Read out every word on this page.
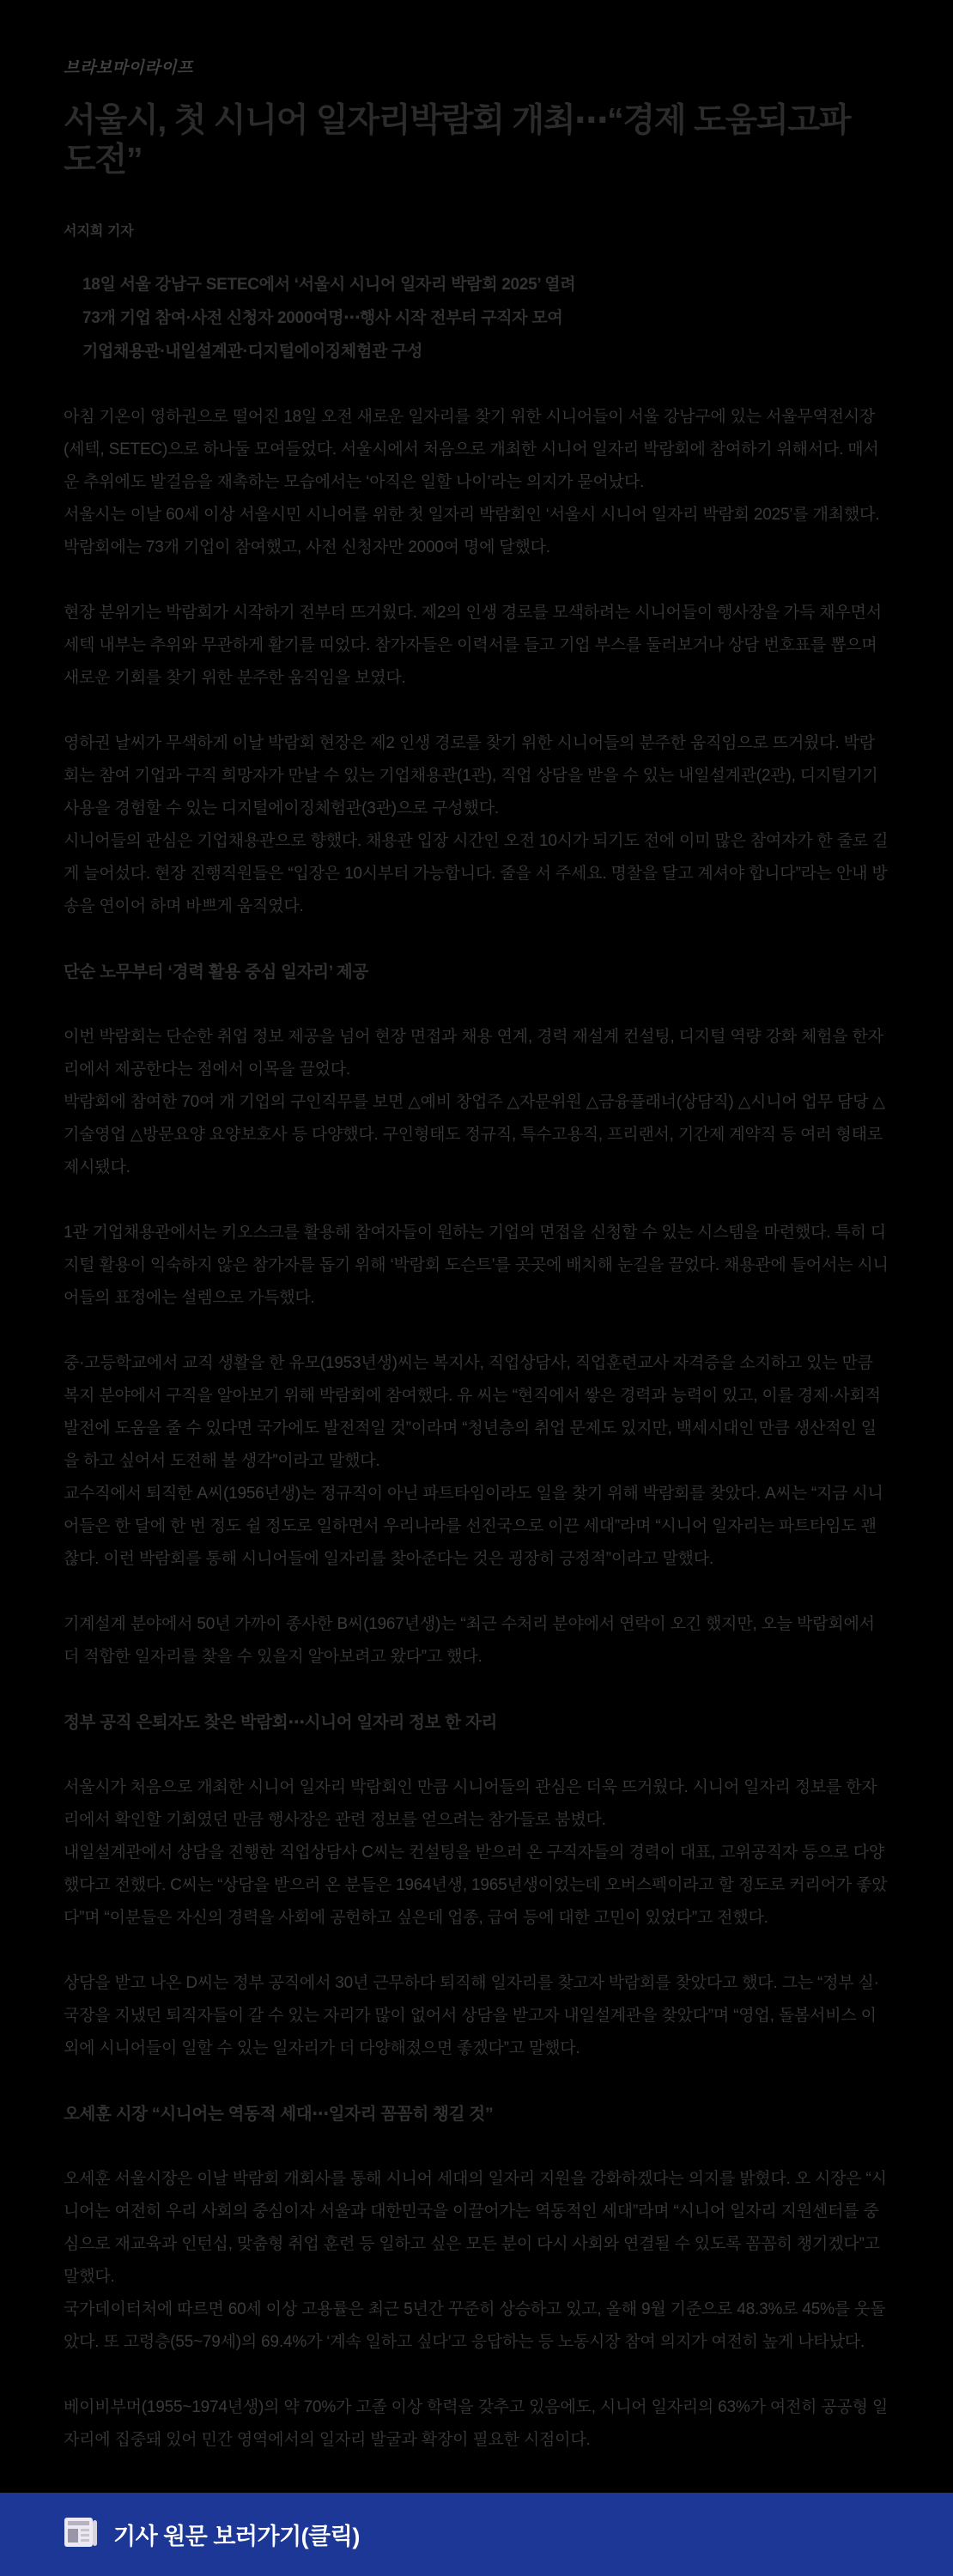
브라보마이라이프
서울시, 첫 시니어 일자리박람회 개최⋯“경제 도움되고파 도전”
서지희 기자
18일 서울 강남구 SETEC에서 ‘서울시 시니어 일자리 박람회 2025’ 열려
73개 기업 참여·사전 신청자 2000여명⋯행사 시작 전부터 구직자 모여
기업채용관·내일설계관·디지털에이징체험관 구성

아침 기온이 영하권으로 떨어진 18일 오전 새로운 일자리를 찾기 위한 시니어들이 서울 강남구에 있는 서울무역전시장(세텍, SETEC)으로 하나둘 모여들었다. 서울시에서 처음으로 개최한 시니어 일자리 박람회에 참여하기 위해서다. 매서운 추위에도 발걸음을 재촉하는 모습에서는 ‘아직은 일할 나이’라는 의지가 묻어났다.

서울시는 이날 60세 이상 서울시민 시니어를 위한 첫 일자리 박람회인 ‘서울시 시니어 일자리 박람회 2025’를 개최했다. 박람회에는 73개 기업이 참여했고, 사전 신청자만 2000여 명에 달했다.

현장 분위기는 박람회가 시작하기 전부터 뜨거웠다. 제2의 인생 경로를 모색하려는 시니어들이 행사장을 가득 채우면서 세텍 내부는 추위와 무관하게 활기를 띠었다. 참가자들은 이력서를 들고 기업 부스를 둘러보거나 상담 번호표를 뽑으며 새로운 기회를 찾기 위한 분주한 움직임을 보였다.

영하권 날씨가 무색하게 이날 박람회 현장은 제2 인생 경로를 찾기 위한 시니어들의 분주한 움직임으로 뜨거웠다. 박람회는 참여 기업과 구직 희망자가 만날 수 있는 기업채용관(1관), 직업 상담을 받을 수 있는 내일설계관(2관), 디지털기기 사용을 경험할 수 있는 디지털에이징체험관(3관)으로 구성했다.

시니어들의 관심은 기업채용관으로 향했다. 채용관 입장 시간인 오전 10시가 되기도 전에 이미 많은 참여자가 한 줄로 길게 늘어섰다. 현장 진행직원들은 “입장은 10시부터 가능합니다. 줄을 서 주세요. 명찰을 달고 계셔야 합니다”라는 안내 방송을 연이어 하며 바쁘게 움직였다.

단순 노무부터 ‘경력 활용 중심 일자리’ 제공

이번 박람회는 단순한 취업 정보 제공을 넘어 현장 면접과 채용 연계, 경력 재설계 컨설팅, 디지털 역량 강화 체험을 한자리에서 제공한다는 점에서 이목을 끌었다.

박람회에 참여한 70여 개 기업의 구인직무를 보면 △예비 창업주 △자문위원 △금융플래너(상담직) △시니어 업무 담당 △기술영업 △방문요양 요양보호사 등 다양했다. 구인형태도 정규직, 특수고용직, 프리랜서, 기간제 계약직 등 여러 형태로 제시됐다.

1관 기업채용관에서는 키오스크를 활용해 참여자들이 원하는 기업의 면접을 신청할 수 있는 시스템을 마련했다. 특히 디지털 활용이 익숙하지 않은 참가자를 돕기 위해 ‘박람회 도슨트’를 곳곳에 배치해 눈길을 끌었다. 채용관에 들어서는 시니어들의 표정에는 설렘으로 가득했다.

중·고등학교에서 교직 생활을 한 유모(1953년생)씨는 복지사, 직업상담사, 직업훈련교사 자격증을 소지하고 있는 만큼 복지 분야에서 구직을 알아보기 위해 박람회에 참여했다. 유 씨는 “현직에서 쌓은 경력과 능력이 있고, 이를 경제·사회적 발전에 도움을 줄 수 있다면 국가에도 발전적일 것”이라며 “청년층의 취업 문제도 있지만, 백세시대인 만큼 생산적인 일을 하고 싶어서 도전해 볼 생각”이라고 말했다.

교수직에서 퇴직한 A씨(1956년생)는 정규직이 아닌 파트타임이라도 일을 찾기 위해 박람회를 찾았다. A씨는 “지금 시니어들은 한 달에 한 번 정도 쉴 정도로 일하면서 우리나라를 선진국으로 이끈 세대”라며 “시니어 일자리는 파트타임도 괜찮다. 이런 박람회를 통해 시니어들에 일자리를 찾아준다는 것은 굉장히 긍정적”이라고 말했다.

기계설계 분야에서 50년 가까이 종사한 B씨(1967년생)는 “최근 수처리 분야에서 연락이 오긴 했지만, 오늘 박람회에서 더 적합한 일자리를 찾을 수 있을지 알아보려고 왔다”고 했다.

정부 공직 은퇴자도 찾은 박람회⋯시니어 일자리 정보 한 자리

서울시가 처음으로 개최한 시니어 일자리 박람회인 만큼 시니어들의 관심은 더욱 뜨거웠다. 시니어 일자리 정보를 한자리에서 확인할 기회였던 만큼 행사장은 관련 정보를 얻으려는 참가들로 붐볐다.

내일설계관에서 상담을 진행한 직업상담사 C씨는 컨설팅을 받으러 온 구직자들의 경력이 대표, 고위공직자 등으로 다양했다고 전했다. C씨는 “상담을 받으러 온 분들은 1964년생, 1965년생이었는데 오버스펙이라고 할 정도로 커리어가 좋았다”며 “이분들은 자신의 경력을 사회에 공헌하고 싶은데 업종, 급여 등에 대한 고민이 있었다”고 전했다.

상담을 받고 나온 D씨는 정부 공직에서 30년 근무하다 퇴직해 일자리를 찾고자 박람회를 찾았다고 했다. 그는 “정부 실·국장을 지냈던 퇴직자들이 갈 수 있는 자리가 많이 없어서 상담을 받고자 내일설계관을 찾았다”며 “영업, 돌봄서비스 이외에 시니어들이 일할 수 있는 일자리가 더 다양해졌으면 좋겠다”고 말했다.

오세훈 시장 “시니어는 역동적 세대⋯일자리 꼼꼼히 챙길 것”

오세훈 서울시장은 이날 박람회 개회사를 통해 시니어 세대의 일자리 지원을 강화하겠다는 의지를 밝혔다. 오 시장은 “시니어는 여전히 우리 사회의 중심이자 서울과 대한민국을 이끌어가는 역동적인 세대”라며 “시니어 일자리 지원센터를 중심으로 재교육과 인턴십, 맞춤형 취업 훈련 등 일하고 싶은 모든 분이 다시 사회와 연결될 수 있도록 꼼꼼히 챙기겠다”고 말했다.

국가데이터처에 따르면 60세 이상 고용률은 최근 5년간 꾸준히 상승하고 있고, 올해 9월 기준으로 48.3%로 45%를 웃돌았다. 또 고령층(55~79세)의 69.4%가 ‘계속 일하고 싶다’고 응답하는 등 노동시장 참여 의지가 여전히 높게 나타났다.

베이비부머(1955~1974년생)의 약 70%가 고졸 이상 학력을 갖추고 있음에도, 시니어 일자리의 63%가 여전히 공공형 일자리에 집중돼 있어 민간 영역에서의 일자리 발굴과 확장이 필요한 시점이다.

기사 원문 보러가기(클릭)
